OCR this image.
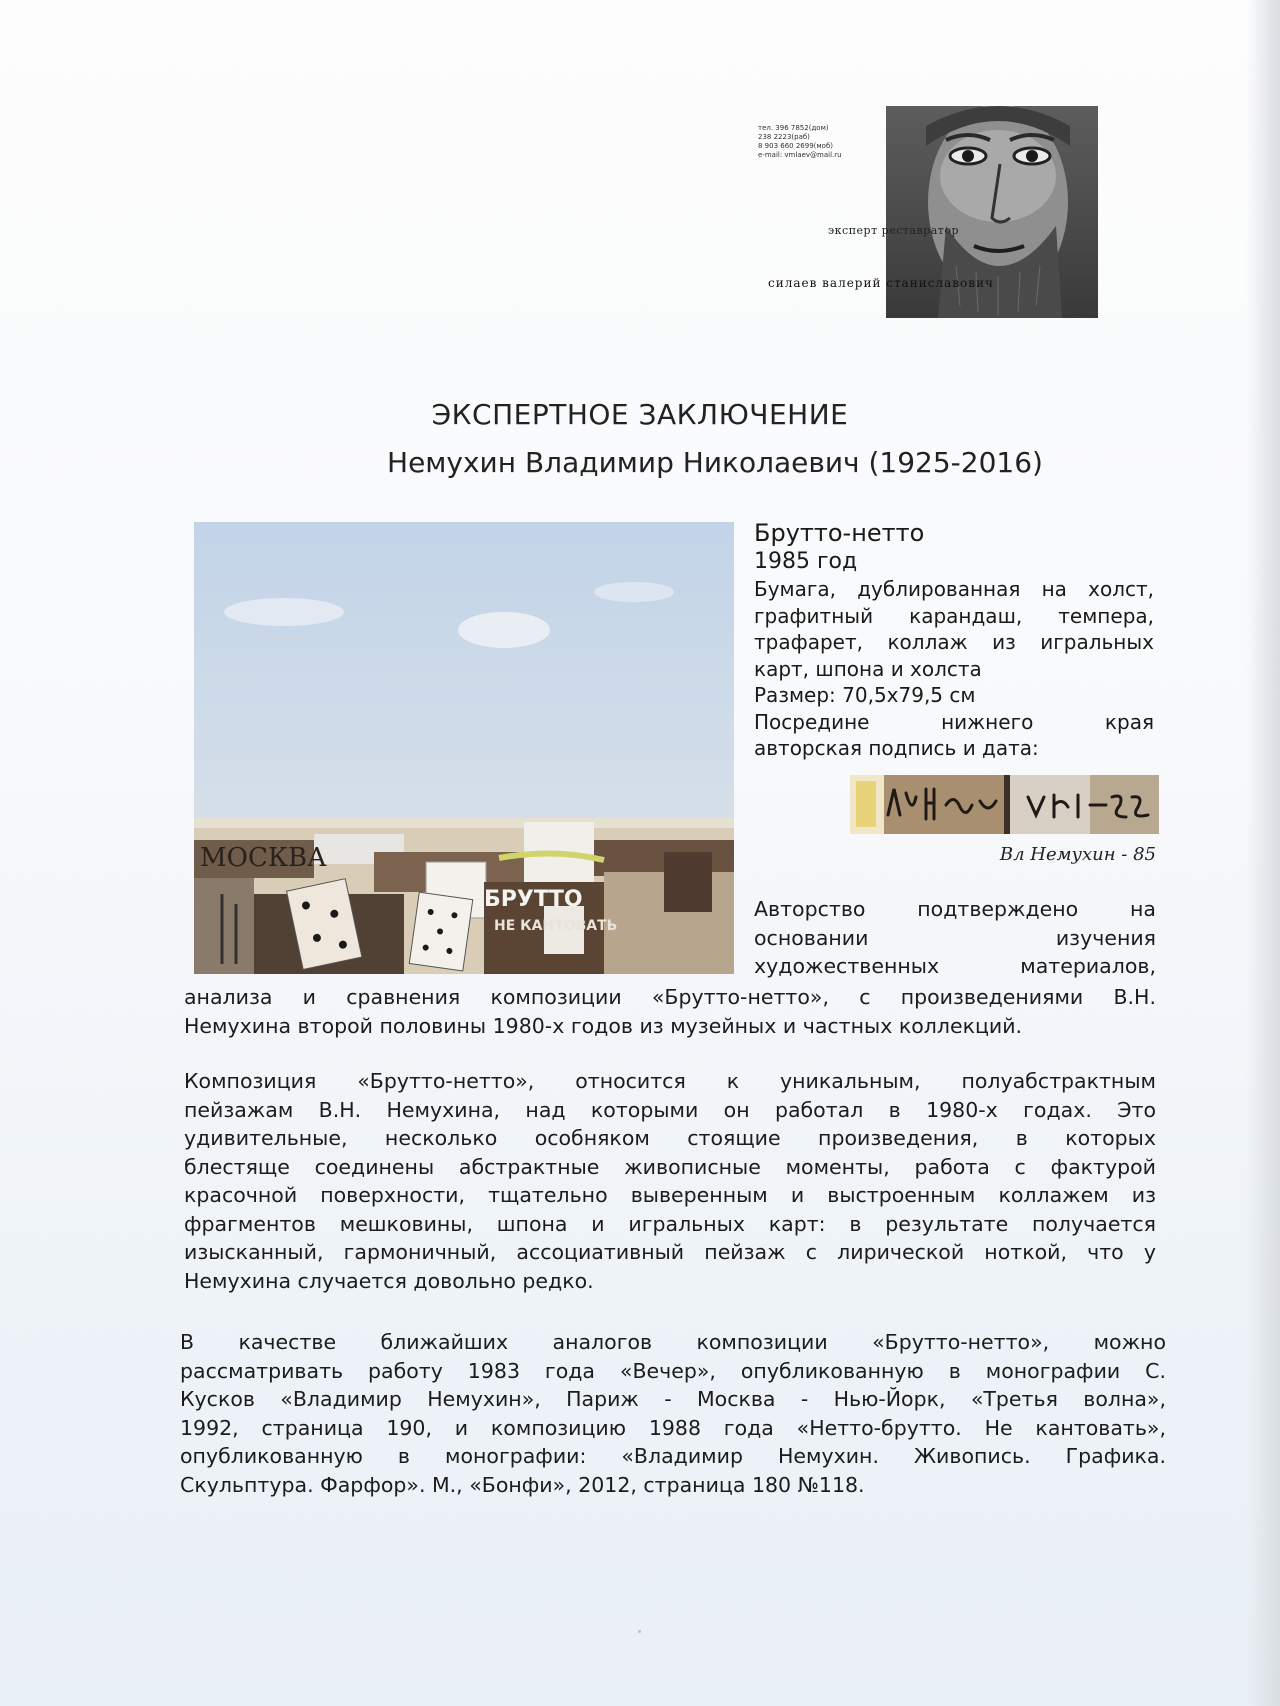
тел. 396 7852(дом)
238 2223(раб)
8 903 660 2699(моб)
e-mail: vmlaev@mail.ru
эксперт реставратор
силаев валерий станиславович
ЭКСПЕРТНОЕ ЗАКЛЮЧЕНИЕ
Немухин Владимир Николаевич (1925-2016)
МОСКВА
БРУТТО
НЕ КАНТОВАТЬ

Брутто-нетто

1985 год

Бумага, дублированная на холст,

графитный карандаш, темпера,

трафарет, коллаж из игральных

карт, шпона и холста

Размер: 70,5х79,5 см

Посредине нижнего края

авторская подпись и дата:

Вл Немухин - 85

Авторство подтверждено на

основании изучения

художественных материалов,

анализа и сравнения композиции «Брутто-нетто», с произведениями В.Н.

Немухина второй половины 1980-х годов из музейных и частных коллекций.

Композиция «Брутто-нетто», относится к уникальным, полуабстрактным

пейзажам В.Н. Немухина, над которыми он работал в 1980-х годах. Это

удивительные, несколько особняком стоящие произведения, в которых

блестяще соединены абстрактные живописные моменты, работа с фактурой

красочной поверхности, тщательно выверенным и выстроенным коллажем из

фрагментов мешковины, шпона и игральных карт: в результате получается

изысканный, гармоничный, ассоциативный пейзаж с лирической ноткой, что у

Немухина случается довольно редко.

В качестве ближайших аналогов композиции «Брутто-нетто», можно

рассматривать работу 1983 года «Вечер», опубликованную в монографии С.

Кусков «Владимир Немухин», Париж - Москва - Нью-Йорк, «Третья волна»,

1992, страница 190, и композицию 1988 года «Нетто-брутто. Не кантовать»,

опубликованную в монографии: «Владимир Немухин. Живопись. Графика.

Скульптура. Фарфор». М., «Бонфи», 2012, страница 180 №118.
